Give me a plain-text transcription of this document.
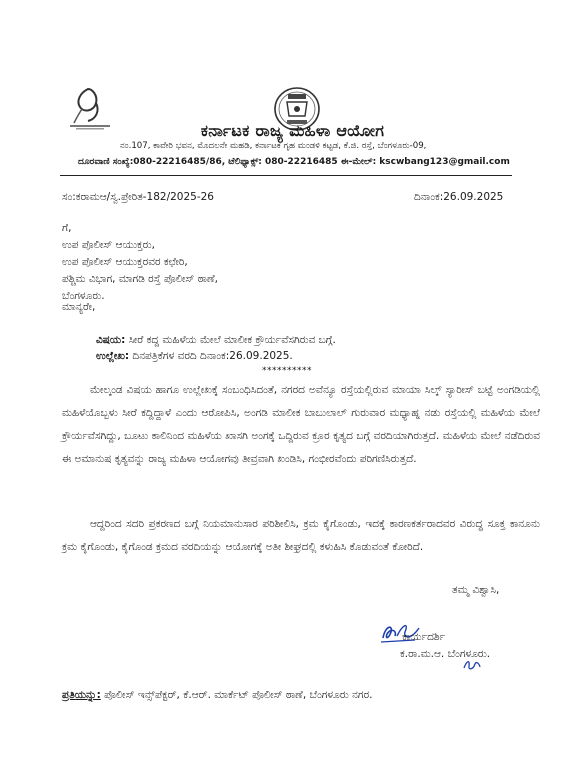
ಕರ್ನಾಟಕ ರಾಜ್ಯ ಮಹಿಳಾ ಆಯೋಗ
ನಂ.107, ಕಾವೇರಿ ಭವನ, ಮೊದಲನೇ ಮಹಡಿ, ಕರ್ನಾಟಕ ಗೃಹ ಮಂಡಳಿ ಕಟ್ಟಡ, ಕೆ.ಜಿ. ರಸ್ತೆ, ಬೆಂಗಳೂರು-09,
ದೂರವಾಣಿ ಸಂಖ್ಯೆ:080-22216485/86, ಟೆಲಿಫ್ಯಾಕ್ಸ್: 080-22216485 ಈ-ಮೇಲ್: kscwbang123@gmail.com
ಸಂ:ಕರಾಮಆ/ಸ್ವ.ಪ್ರೇರಿತ-182/2025-26	ದಿನಾಂಕ:26.09.2025
ಗೆ,
ಉಪ ಪೊಲೀಸ್ ಆಯುಕ್ತರು,
ಉಪ ಪೊಲೀಸ್ ಆಯುಕ್ತರವರ ಕಛೇರಿ,
ಪಶ್ಚಿಮ ವಿಭಾಗ, ಮಾಗಡಿ ರಸ್ತೆ ಪೊಲೀಸ್ ಠಾಣೆ,
ಬೆಂಗಳೂರು.
ಮಾನ್ಯರೇ,
ವಿಷಯ: ಸೀರೆ ಕದ್ದ ಮಹಿಳೆಯ ಮೇಲೆ ಮಾಲೀಕ ಕ್ರೌರ್ಯವೆಸಗಿರುವ ಬಗ್ಗೆ.
ಉಲ್ಲೇಖ: ದಿನಪತ್ರಿಕೆಗಳ ವರದಿ ದಿನಾಂಕ:26.09.2025.
**********
ಮೇಲ್ಕಂಡ ವಿಷಯ ಹಾಗೂ ಉಲ್ಲೇಖಕ್ಕೆ ಸಂಬಂಧಿಸಿದಂತೆ, ನಗರದ ಅವೆನ್ಯೂ ರಸ್ತೆಯಲ್ಲಿರುವ ಮಾಯಾ ಸಿಲ್ಕ್ ಸ್ಯಾರೀಸ್ ಬಟ್ಟೆ ಅಂಗಡಿಯಲ್ಲಿ ಮಹಿಳೆಯೊಬ್ಬಳು ಸೀರೆ ಕದ್ದಿದ್ದಾಳೆ ಎಂದು ಆರೋಪಿಸಿ, ಅಂಗಡಿ ಮಾಲೀಕ ಬಾಬುಲಾಲ್ ಗುರುವಾರ ಮಧ್ಯಾಹ್ನ ನಡು ರಸ್ತೆಯಲ್ಲಿ ಮಹಿಳೆಯ ಮೇಲೆ ಕ್ರೌರ್ಯವೆಸಗಿದ್ದು, ಬೂಟು ಕಾಲಿನಿಂದ ಮಹಿಳೆಯ ಖಾಸಗಿ ಅಂಗಕ್ಕೆ ಒದ್ದಿರುವ ಕ್ರೂರ ಕೃತ್ಯದ ಬಗ್ಗೆ ವರದಿಯಾಗಿರುತ್ತದೆ. ಮಹಿಳೆಯ ಮೇಲೆ ನಡೆದಿರುವ ಈ ಅಮಾನುಷ ಕೃತ್ಯವನ್ನು ರಾಜ್ಯ ಮಹಿಳಾ ಆಯೋಗವು ತೀವ್ರವಾಗಿ ಖಂಡಿಸಿ, ಗಂಭೀರವೆಂದು ಪರಿಗಣಿಸಿರುತ್ತದೆ.
ಆದ್ದರಿಂದ ಸದರಿ ಪ್ರಕರಣದ ಬಗ್ಗೆ ನಿಯಮಾನುಸಾರ ಪರಿಶೀಲಿಸಿ, ಕ್ರಮ ಕೈಗೊಂಡು, ಇದಕ್ಕೆ ಕಾರಣಕರ್ತರಾದವರ ವಿರುದ್ಧ ಸೂಕ್ತ ಕಾನೂನು ಕ್ರಮ ಕೈಗೊಂಡು, ಕೈಗೊಂಡ ಕ್ರಮದ ವರದಿಯನ್ನು ಆಯೋಗಕ್ಕೆ ಅತೀ ಶೀಘ್ರದಲ್ಲಿ ಕಳುಹಿಸಿ ಕೊಡುವಂತೆ ಕೋರಿದೆ.
ತಮ್ಮ ವಿಶ್ವಾಸಿ,
ಕಾರ್ಯದರ್ಶಿ
ಕ.ರಾ.ಮ.ಆ. ಬೆಂಗಳೂರು.
ಪ್ರತಿಯನ್ನು: ಪೊಲೀಸ್ ಇನ್ಸ್‌ಪೆಕ್ಟರ್, ಕೆ.ಆರ್. ಮಾರ್ಕೆಟ್ ಪೊಲೀಸ್ ಠಾಣೆ, ಬೆಂಗಳೂರು ನಗರ.
